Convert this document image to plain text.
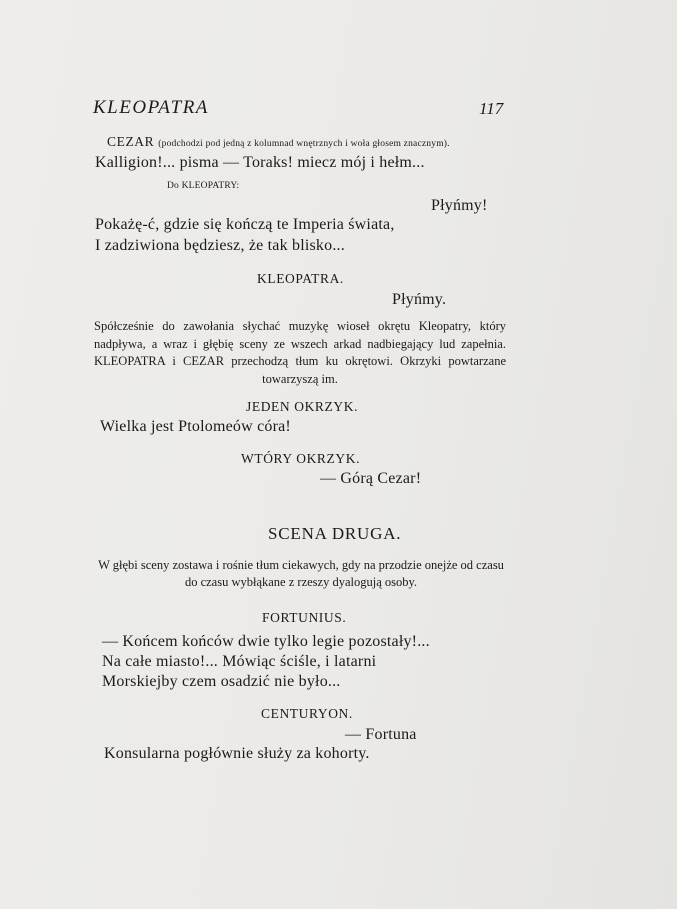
KLEOPATRA	117
CEZAR (podchodzi pod jedną z kolumnad wnętrznych i woła głosem znacznym).
Kalligion!... pisma — Toraks! miecz mój i hełm...
Do KLEOPATRY:
Płyńmy!
Pokażę-ć, gdzie się kończą te Imperia świata,
I zadziwiona będziesz, że tak blisko...
KLEOPATRA.
Płyńmy.
Spółcześnie do zawołania słychać muzykę wioseł okrętu Kleopatry, który nadpływa, a wraz i głębię sceny ze wszech arkad nadbiegający lud zapełnia. KLEOPATRA i CEZAR przechodzą tłum ku okrętowi. Okrzyki powtarzane towarzyszą im.
JEDEN OKRZYK.
Wielka jest Ptolomeów córa!
WTÓRY OKRZYK.
— Górą Cezar!
SCENA DRUGA.
W głębi sceny zostawa i rośnie tłum ciekawych, gdy na przodzie onejże od czasu do czasu wybłąkane z rzeszy dyalogują osoby.
FORTUNIUS.
— Końcem końców dwie tylko legie pozostały!...
Na całe miasto!... Mówiąc ściśle, i latarni
Morskiejby czem osadzić nie było...
CENTURYON.
— Fortuna
Konsularna pogłównie służy za kohorty.
